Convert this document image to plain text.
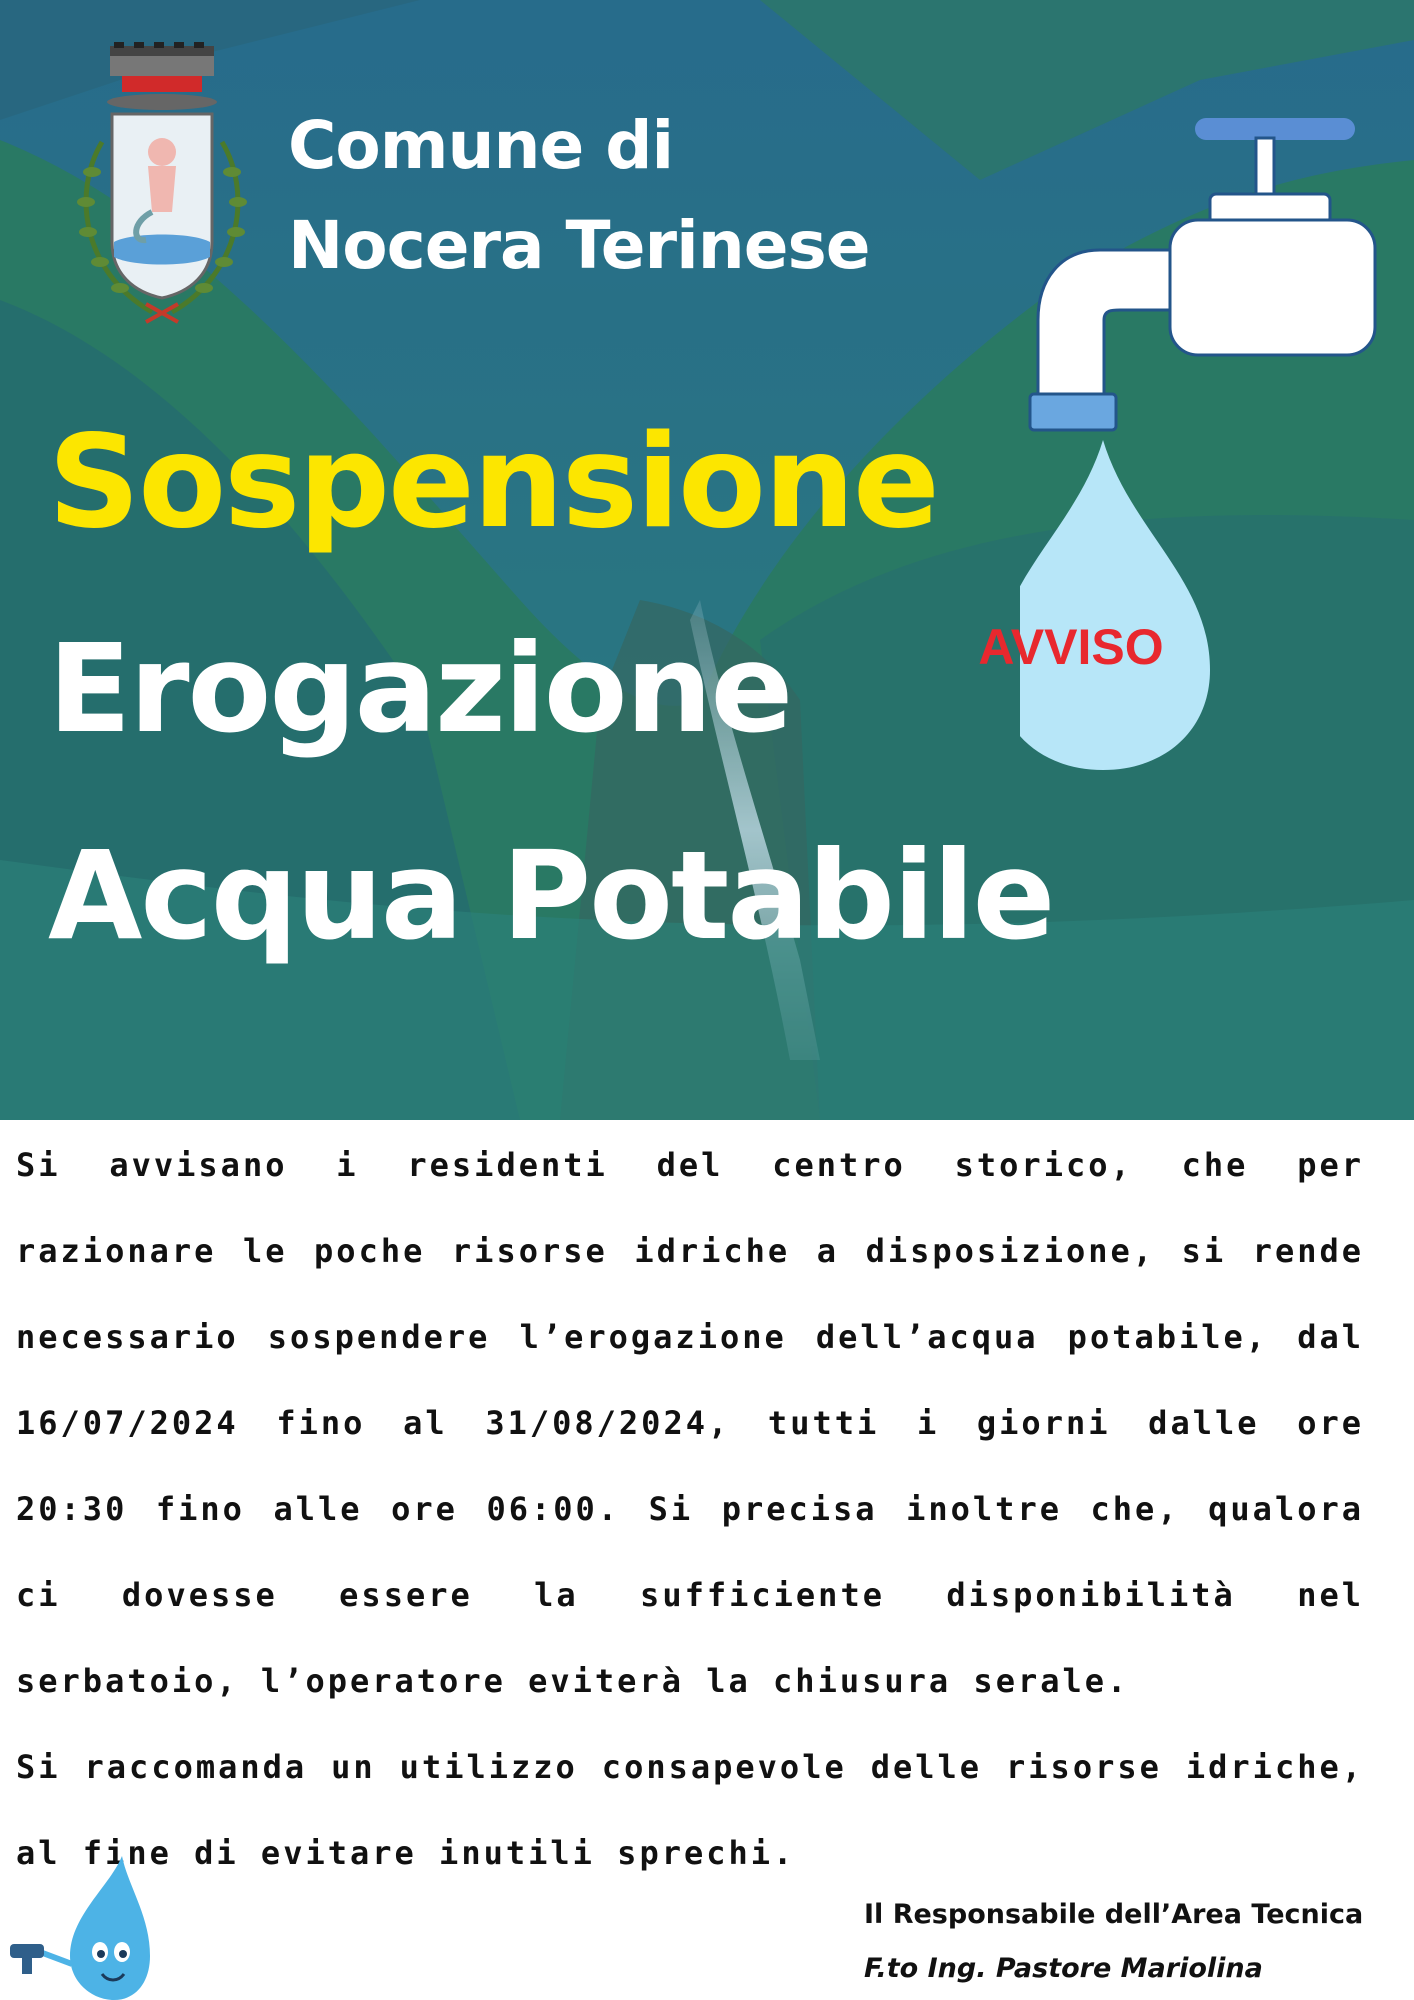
Comune di
Nocera Terinese
AVVISO
Sospensione
Erogazione
Acqua Potabile

Si avvisano i residenti del centro storico, che per razionare le poche risorse idriche a disposizione, si rende necessario sospendere l’erogazione dell’acqua potabile, dal 16/07/2024 fino al 31/08/2024, tutti i giorni dalle ore 20:30 fino alle ore 06:00. Si precisa inoltre che, qualora ci dovesse essere la sufficiente disponibilità nel serbatoio, l’operatore eviterà la chiusura serale.

Si raccomanda un utilizzo consapevole delle risorse idriche, al fine di evitare inutili sprechi.

Il Responsabile dell’Area Tecnica
F.to Ing. Pastore Mariolina
